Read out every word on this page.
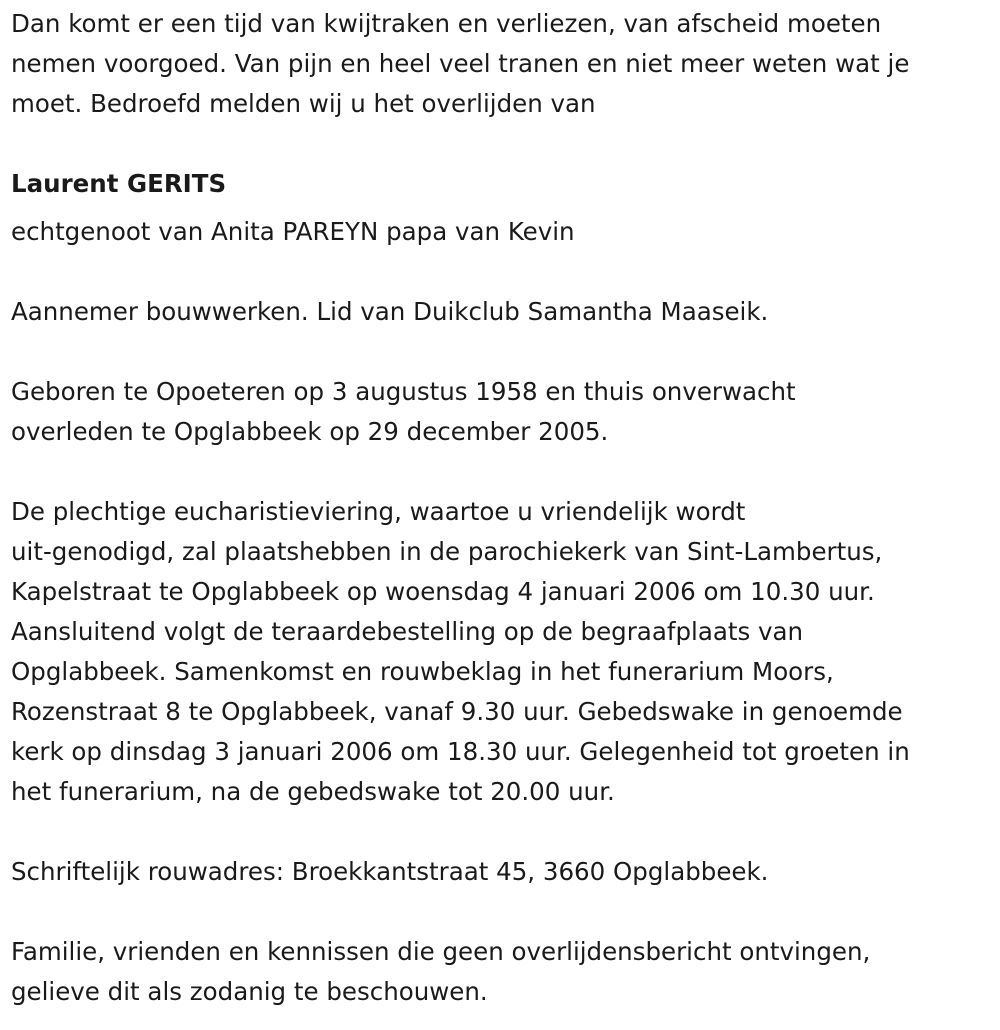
Dan komt er een tijd van kwijtraken en verliezen, van afscheid moeten
nemen voorgoed. Van pijn en heel veel tranen en niet meer weten wat je
moet. Bedroefd melden wij u het overlijden van
Laurent GERITS
echtgenoot van Anita PAREYN papa van Kevin
Aannemer bouwwerken. Lid van Duikclub Samantha Maaseik.
Geboren te Opoeteren op 3 augustus 1958 en thuis onverwacht
overleden te Opglabbeek op 29 december 2005.
De plechtige eucharistieviering, waartoe u vriendelijk wordt
uit-genodigd, zal plaatshebben in de parochiekerk van Sint-Lambertus,
Kapelstraat te Opglabbeek op woensdag 4 januari 2006 om 10.30 uur.
Aansluitend volgt de teraardebestelling op de begraafplaats van
Opglabbeek. Samenkomst en rouwbeklag in het funerarium Moors,
Rozenstraat 8 te Opglabbeek, vanaf 9.30 uur. Gebedswake in genoemde
kerk op dinsdag 3 januari 2006 om 18.30 uur. Gelegenheid tot groeten in
het funerarium, na de gebedswake tot 20.00 uur.
Schriftelijk rouwadres: Broekkantstraat 45, 3660 Opglabbeek.
Familie, vrienden en kennissen die geen overlijdensbericht ontvingen,
gelieve dit als zodanig te beschouwen.
